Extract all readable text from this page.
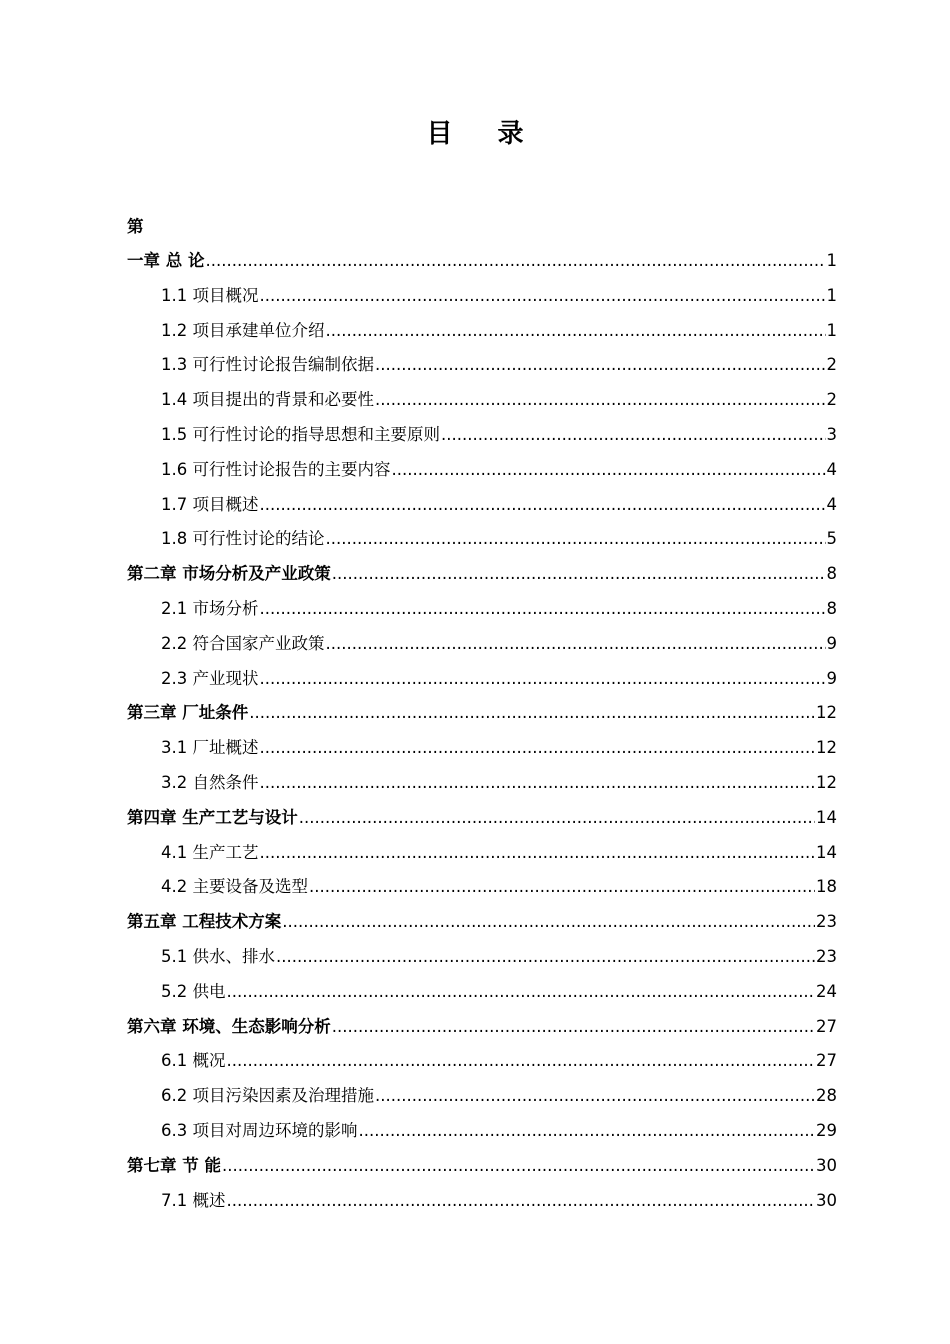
目 录
第
一章 总 论 .....	1
1.1 项目概况 .....	1
1.2 项目承建单位介绍 .....	1
1.3 可行性讨论报告编制依据 .....	2
1.4 项目提出的背景和必要性 .....	2
1.5 可行性讨论的指导思想和主要原则 .....	3
1.6 可行性讨论报告的主要内容 .....	4
1.7 项目概述 .....	4
1.8 可行性讨论的结论 .....	5
第二章 市场分析及产业政策 .....	8
2.1 市场分析 .....	8
2.2 符合国家产业政策 .....	9
2.3 产业现状 .....	9
第三章 厂址条件 .....	12
3.1 厂址概述 .....	12
3.2 自然条件 .....	12
第四章 生产工艺与设计 .....	14
4.1 生产工艺 .....	14
4.2 主要设备及选型 .....	18
第五章 工程技术方案 .....	23
5.1 供水、排水 .....	23
5.2 供电 .....	24
第六章 环境、生态影响分析 .....	27
6.1 概况 .....	27
6.2 项目污染因素及治理措施 .....	28
6.3 项目对周边环境的影响 .....	29
第七章 节 能 .....	30
7.1 概述 .....	30
